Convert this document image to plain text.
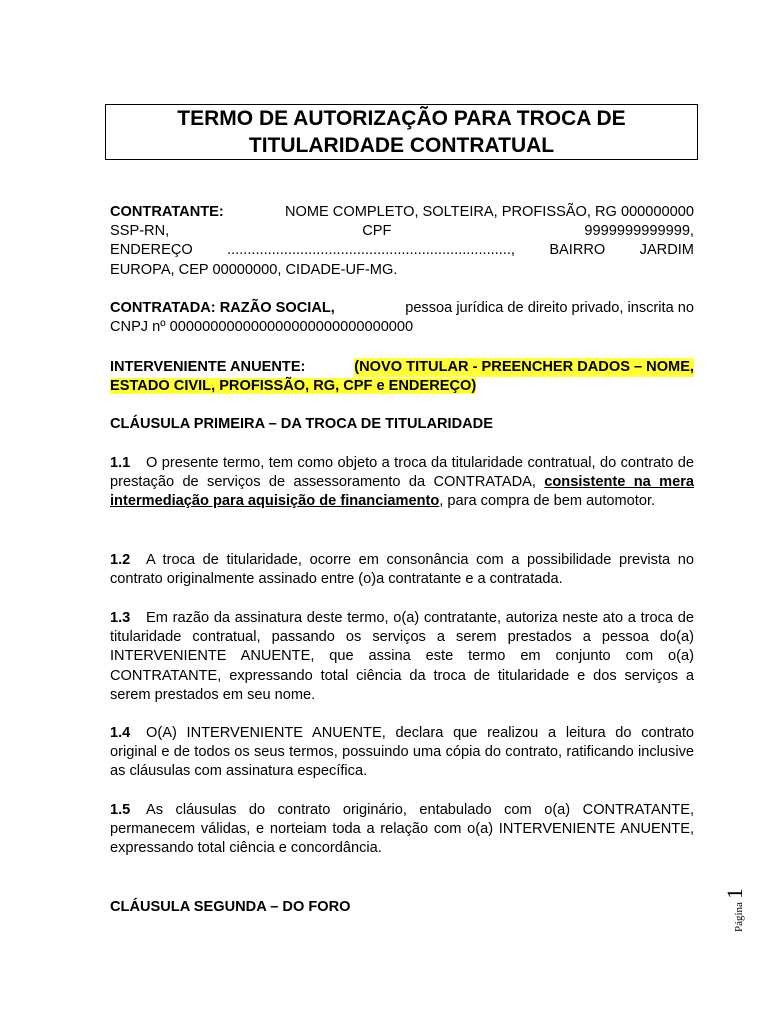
TERMO DE AUTORIZAÇÃO PARA TROCA DE
TITULARIDADE CONTRATUAL
CONTRATANTE:	NOME COMPLETO, SOLTEIRA, PROFISSÃO, RG 000000000
SSP-RN,	CPF	9999999999999,
ENDEREÇO ......................................................................, BAIRRO JARDIM
EUROPA, CEP 00000000, CIDADE-UF-MG.
CONTRATADA: RAZÃO SOCIAL,	pessoa jurídica de direito privado, inscrita no
CNPJ nº 000000000000000000000000000000
INTERVENIENTE ANUENTE:	(NOVO TITULAR - PREENCHER DADOS – NOME,
ESTADO CIVIL, PROFISSÃO, RG, CPF e ENDEREÇO)
CLÁUSULA PRIMEIRA – DA TROCA DE TITULARIDADE
1.1 O presente termo, tem como objeto a troca da titularidade contratual, do contrato de prestação de serviços de assessoramento da CONTRATADA, consistente na mera intermediação para aquisição de financiamento, para compra de bem automotor.
1.2 A troca de titularidade, ocorre em consonância com a possibilidade prevista no contrato originalmente assinado entre (o)a contratante e a contratada.
1.3 Em razão da assinatura deste termo, o(a) contratante, autoriza neste ato a troca de titularidade contratual, passando os serviços a serem prestados a pessoa do(a) INTERVENIENTE ANUENTE, que assina este termo em conjunto com o(a) CONTRATANTE, expressando total ciência da troca de titularidade e dos serviços a serem prestados em seu nome.
1.4 O(A) INTERVENIENTE ANUENTE, declara que realizou a leitura do contrato original e de todos os seus termos, possuindo uma cópia do contrato, ratificando inclusive as cláusulas com assinatura específica.
1.5 As cláusulas do contrato originário, entabulado com o(a) CONTRATANTE, permanecem válidas, e norteiam toda a relação com o(a) INTERVENIENTE ANUENTE, expressando total ciência e concordância.
CLÁUSULA SEGUNDA – DO FORO	Página
1
